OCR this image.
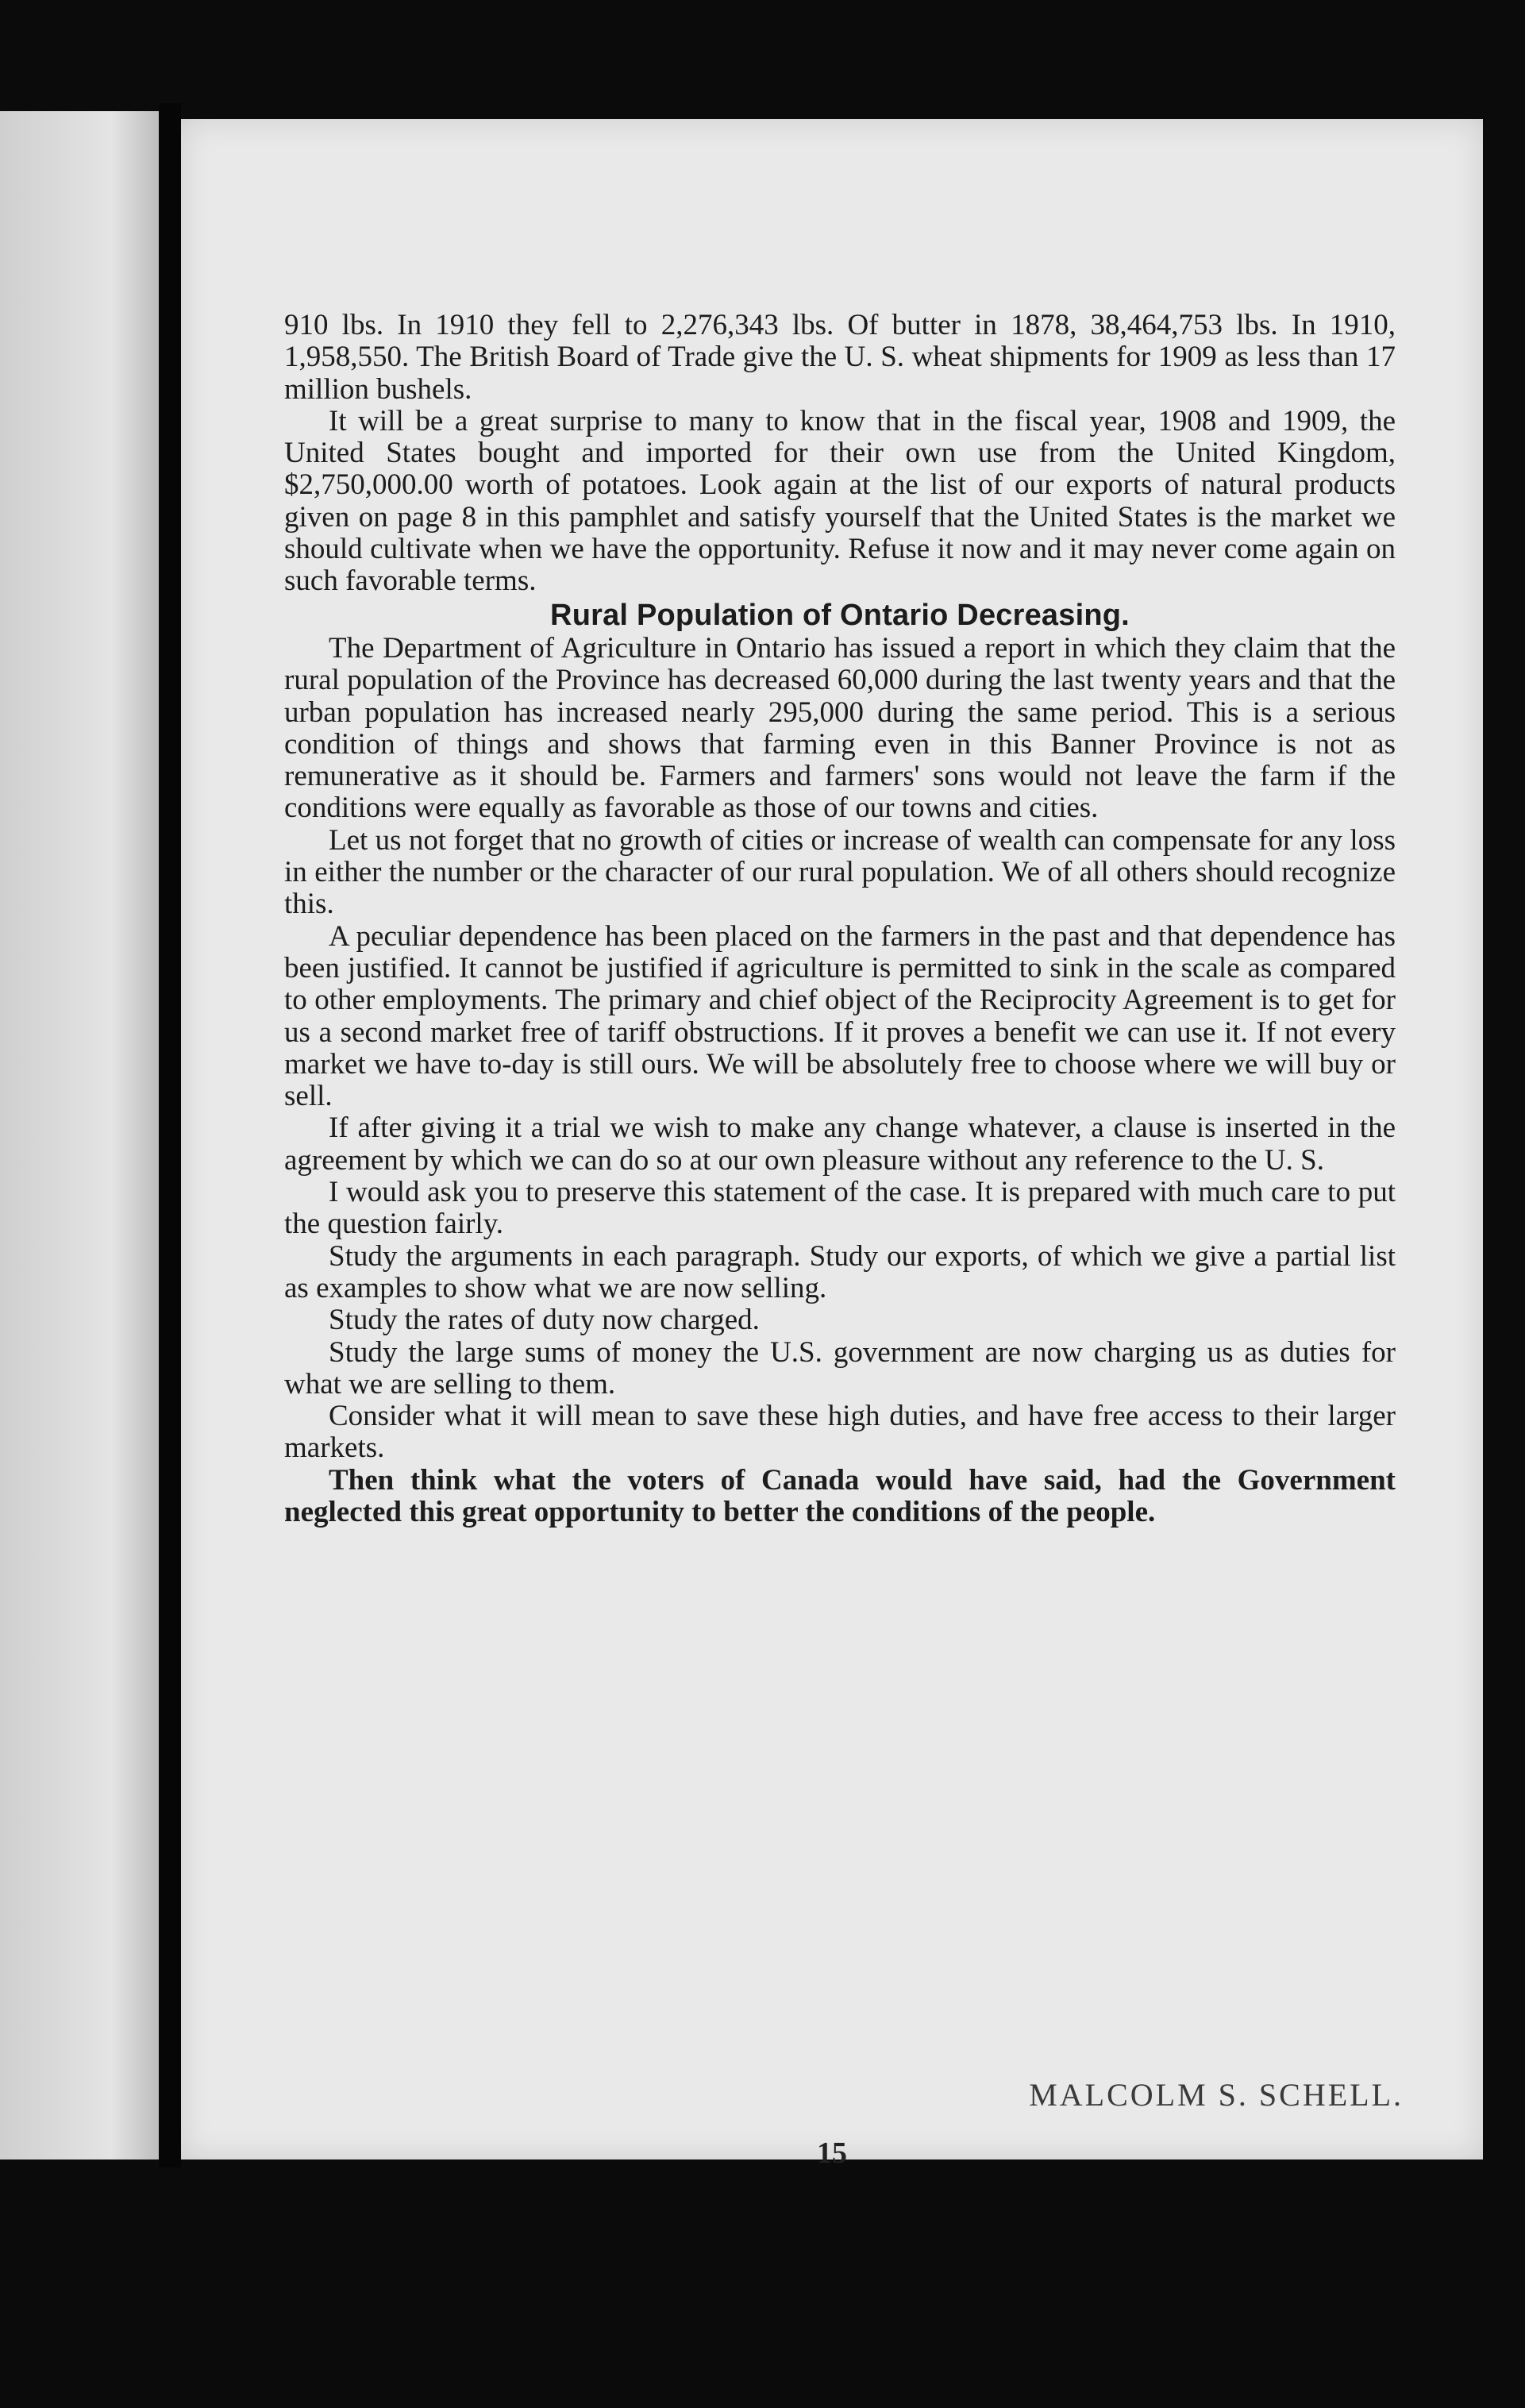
910 lbs. In 1910 they fell to 2,276,343 lbs. Of butter in 1878, 38,464,753 lbs. In 1910, 1,958,550. The British Board of Trade give the U. S. wheat shipments for 1909 as less than 17 million bushels.

It will be a great surprise to many to know that in the fiscal year, 1908 and 1909, the United States bought and imported for their own use from the United Kingdom, $2,750,000.00 worth of potatoes. Look again at the list of our exports of natural products given on page 8 in this pamphlet and satisfy yourself that the United States is the market we should cultivate when we have the opportunity. Refuse it now and it may never come again on such favorable terms.

Rural Population of Ontario Decreasing.

The Department of Agriculture in Ontario has issued a report in which they claim that the rural population of the Province has decreased 60,000 during the last twenty years and that the urban population has increased nearly 295,000 during the same period. This is a serious condition of things and shows that farming even in this Banner Province is not as remunerative as it should be. Farmers and farmers' sons would not leave the farm if the conditions were equally as favorable as those of our towns and cities.

Let us not forget that no growth of cities or increase of wealth can compensate for any loss in either the number or the character of our rural population. We of all others should recognize this.

A peculiar dependence has been placed on the farmers in the past and that dependence has been justified. It cannot be justified if agriculture is permitted to sink in the scale as compared to other employments. The primary and chief object of the Reciprocity Agreement is to get for us a second market free of tariff obstructions. If it proves a benefit we can use it. If not every market we have to-day is still ours. We will be absolutely free to choose where we will buy or sell.

If after giving it a trial we wish to make any change whatever, a clause is inserted in the agreement by which we can do so at our own pleasure without any reference to the U. S.

I would ask you to preserve this statement of the case. It is prepared with much care to put the question fairly.

Study the arguments in each paragraph. Study our exports, of which we give a partial list as examples to show what we are now selling.

Study the rates of duty now charged.

Study the large sums of money the U.S. government are now charging us as duties for what we are selling to them.

Consider what it will mean to save these high duties, and have free access to their larger markets.

Then think what the voters of Canada would have said, had the Government neglected this great opportunity to better the conditions of the people.

MALCOLM S. SCHELL.
15
